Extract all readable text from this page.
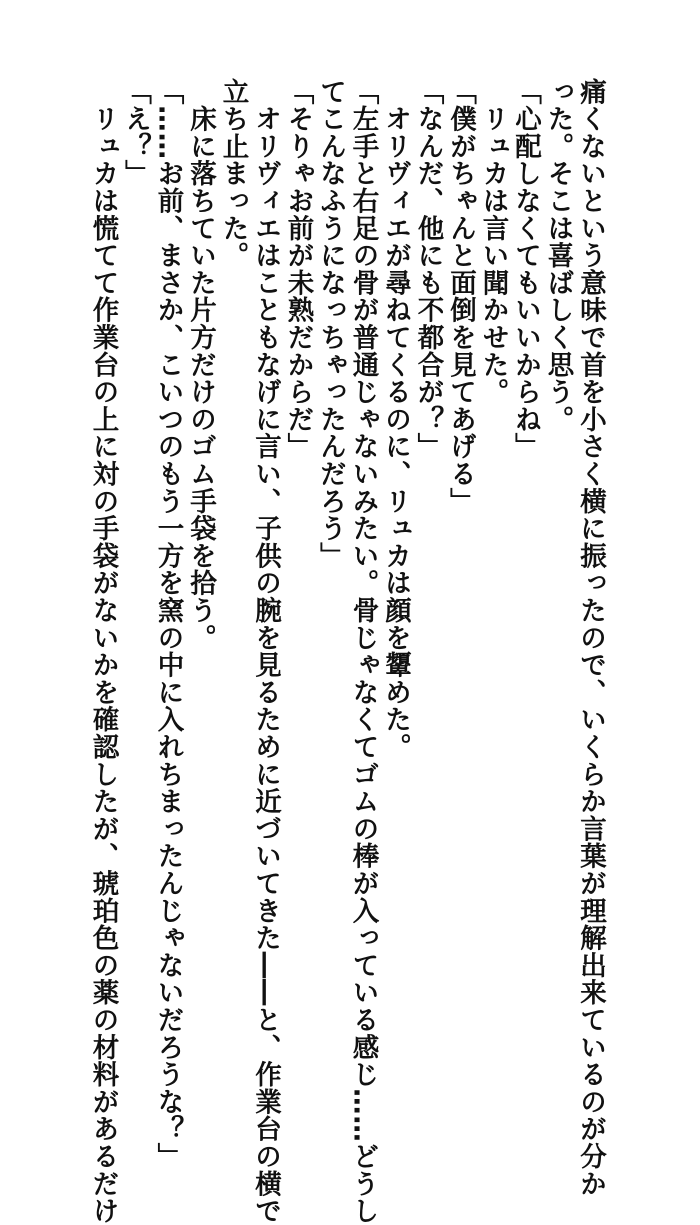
痛くないという意味で首を小さく横に振ったので、いくらか言葉が理解出来ているのが分か
った。そこは喜ばしく思う。
「心配しなくてもいいからね」
　リュカは言い聞かせた。
「僕がちゃんと面倒を見てあげる」
「なんだ、他にも不都合が？」
　オリヴィエが尋ねてくるのに、リュカは顔を顰めた。
「左手と右足の骨が普通じゃないみたい。骨じゃなくてゴムの棒が入っている感じ……どうし
てこんなふうになっちゃったんだろう」
「そりゃお前が未熟だからだ」
　オリヴィエはこともなげに言い、子供の腕を見るために近づいてきた――と、作業台の横で
立ち止まった。
　床に落ちていた片方だけのゴム手袋を拾う。
「……お前、まさか、こいつのもう一方を窯の中に入れちまったんじゃないだろうな？」
「え？」
　リュカは慌てて作業台の上に対の手袋がないかを確認したが、琥珀色の薬の材料があるだけ
